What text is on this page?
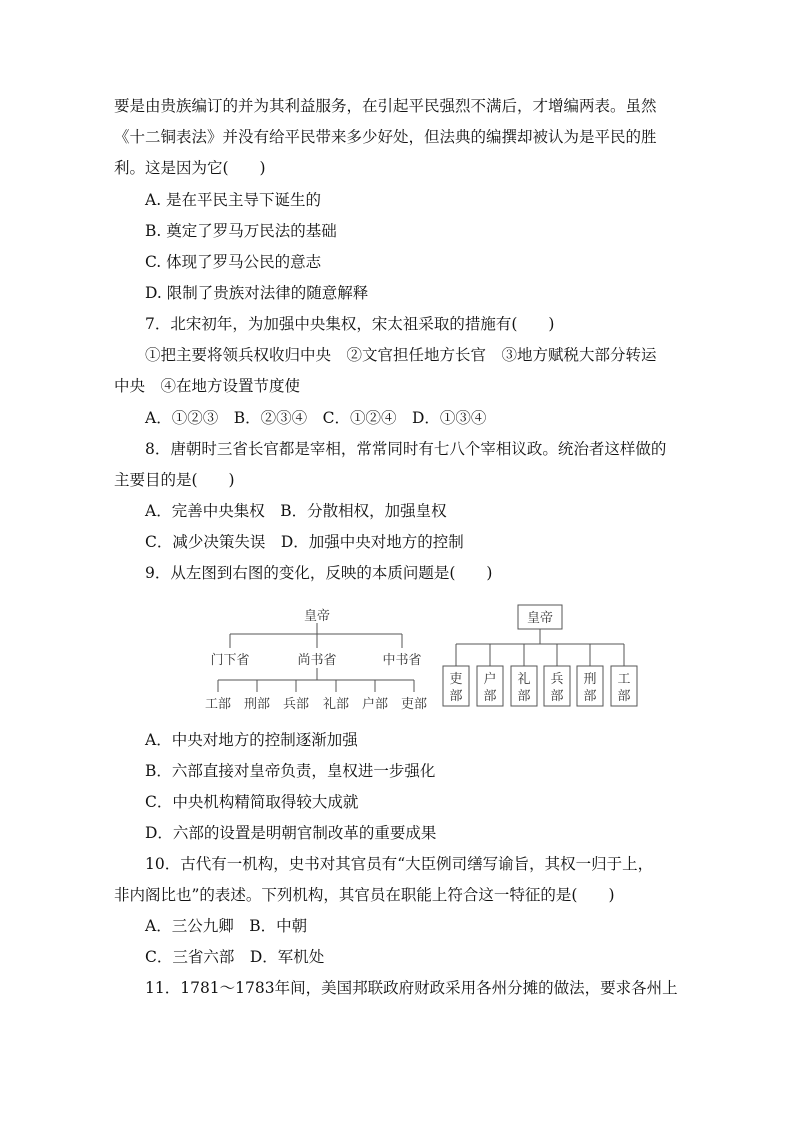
要是由贵族编订的并为其利益服务，在引起平民强烈不满后，才增编两表。虽然
《十二铜表法》并没有给平民带来多少好处，但法典的编撰却被认为是平民的胜
利。这是因为它(　　)
A. 是在平民主导下诞生的
B. 奠定了罗马万民法的基础
C. 体现了罗马公民的意志
D. 限制了贵族对法律的随意解释
7．北宋初年，为加强中央集权，宋太祖采取的措施有(　　)
①把主要将领兵权收归中央　②文官担任地方长官　③地方赋税大部分转运
中央　④在地方设置节度使
A．①②③　B．②③④　C．①②④　D．①③④
8．唐朝时三省长官都是宰相，常常同时有七八个宰相议政。统治者这样做的
主要目的是(　　)
A．完善中央集权　B．分散相权，加强皇权
C．减少决策失误　D．加强中央对地方的控制
9．从左图到右图的变化，反映的本质问题是(　　)
皇帝
门下省	尚书省	中书省
工部 刑部 兵部 礼部 户部 吏部
皇帝
吏
部
户
部
礼
部
兵
部
刑
部
工
部
A．中央对地方的控制逐渐加强
B．六部直接对皇帝负责，皇权进一步强化
C．中央机构精简取得较大成就
D．六部的设置是明朝官制改革的重要成果
10．古代有一机构，史书对其官员有“大臣例司缮写谕旨，其权一归于上，
非内阁比也”的表述。下列机构，其官员在职能上符合这一特征的是(　　)
A．三公九卿　B．中朝
C．三省六部　D．军机处
11．1781～1783年间，美国邦联政府财政采用各州分摊的做法，要求各州上
